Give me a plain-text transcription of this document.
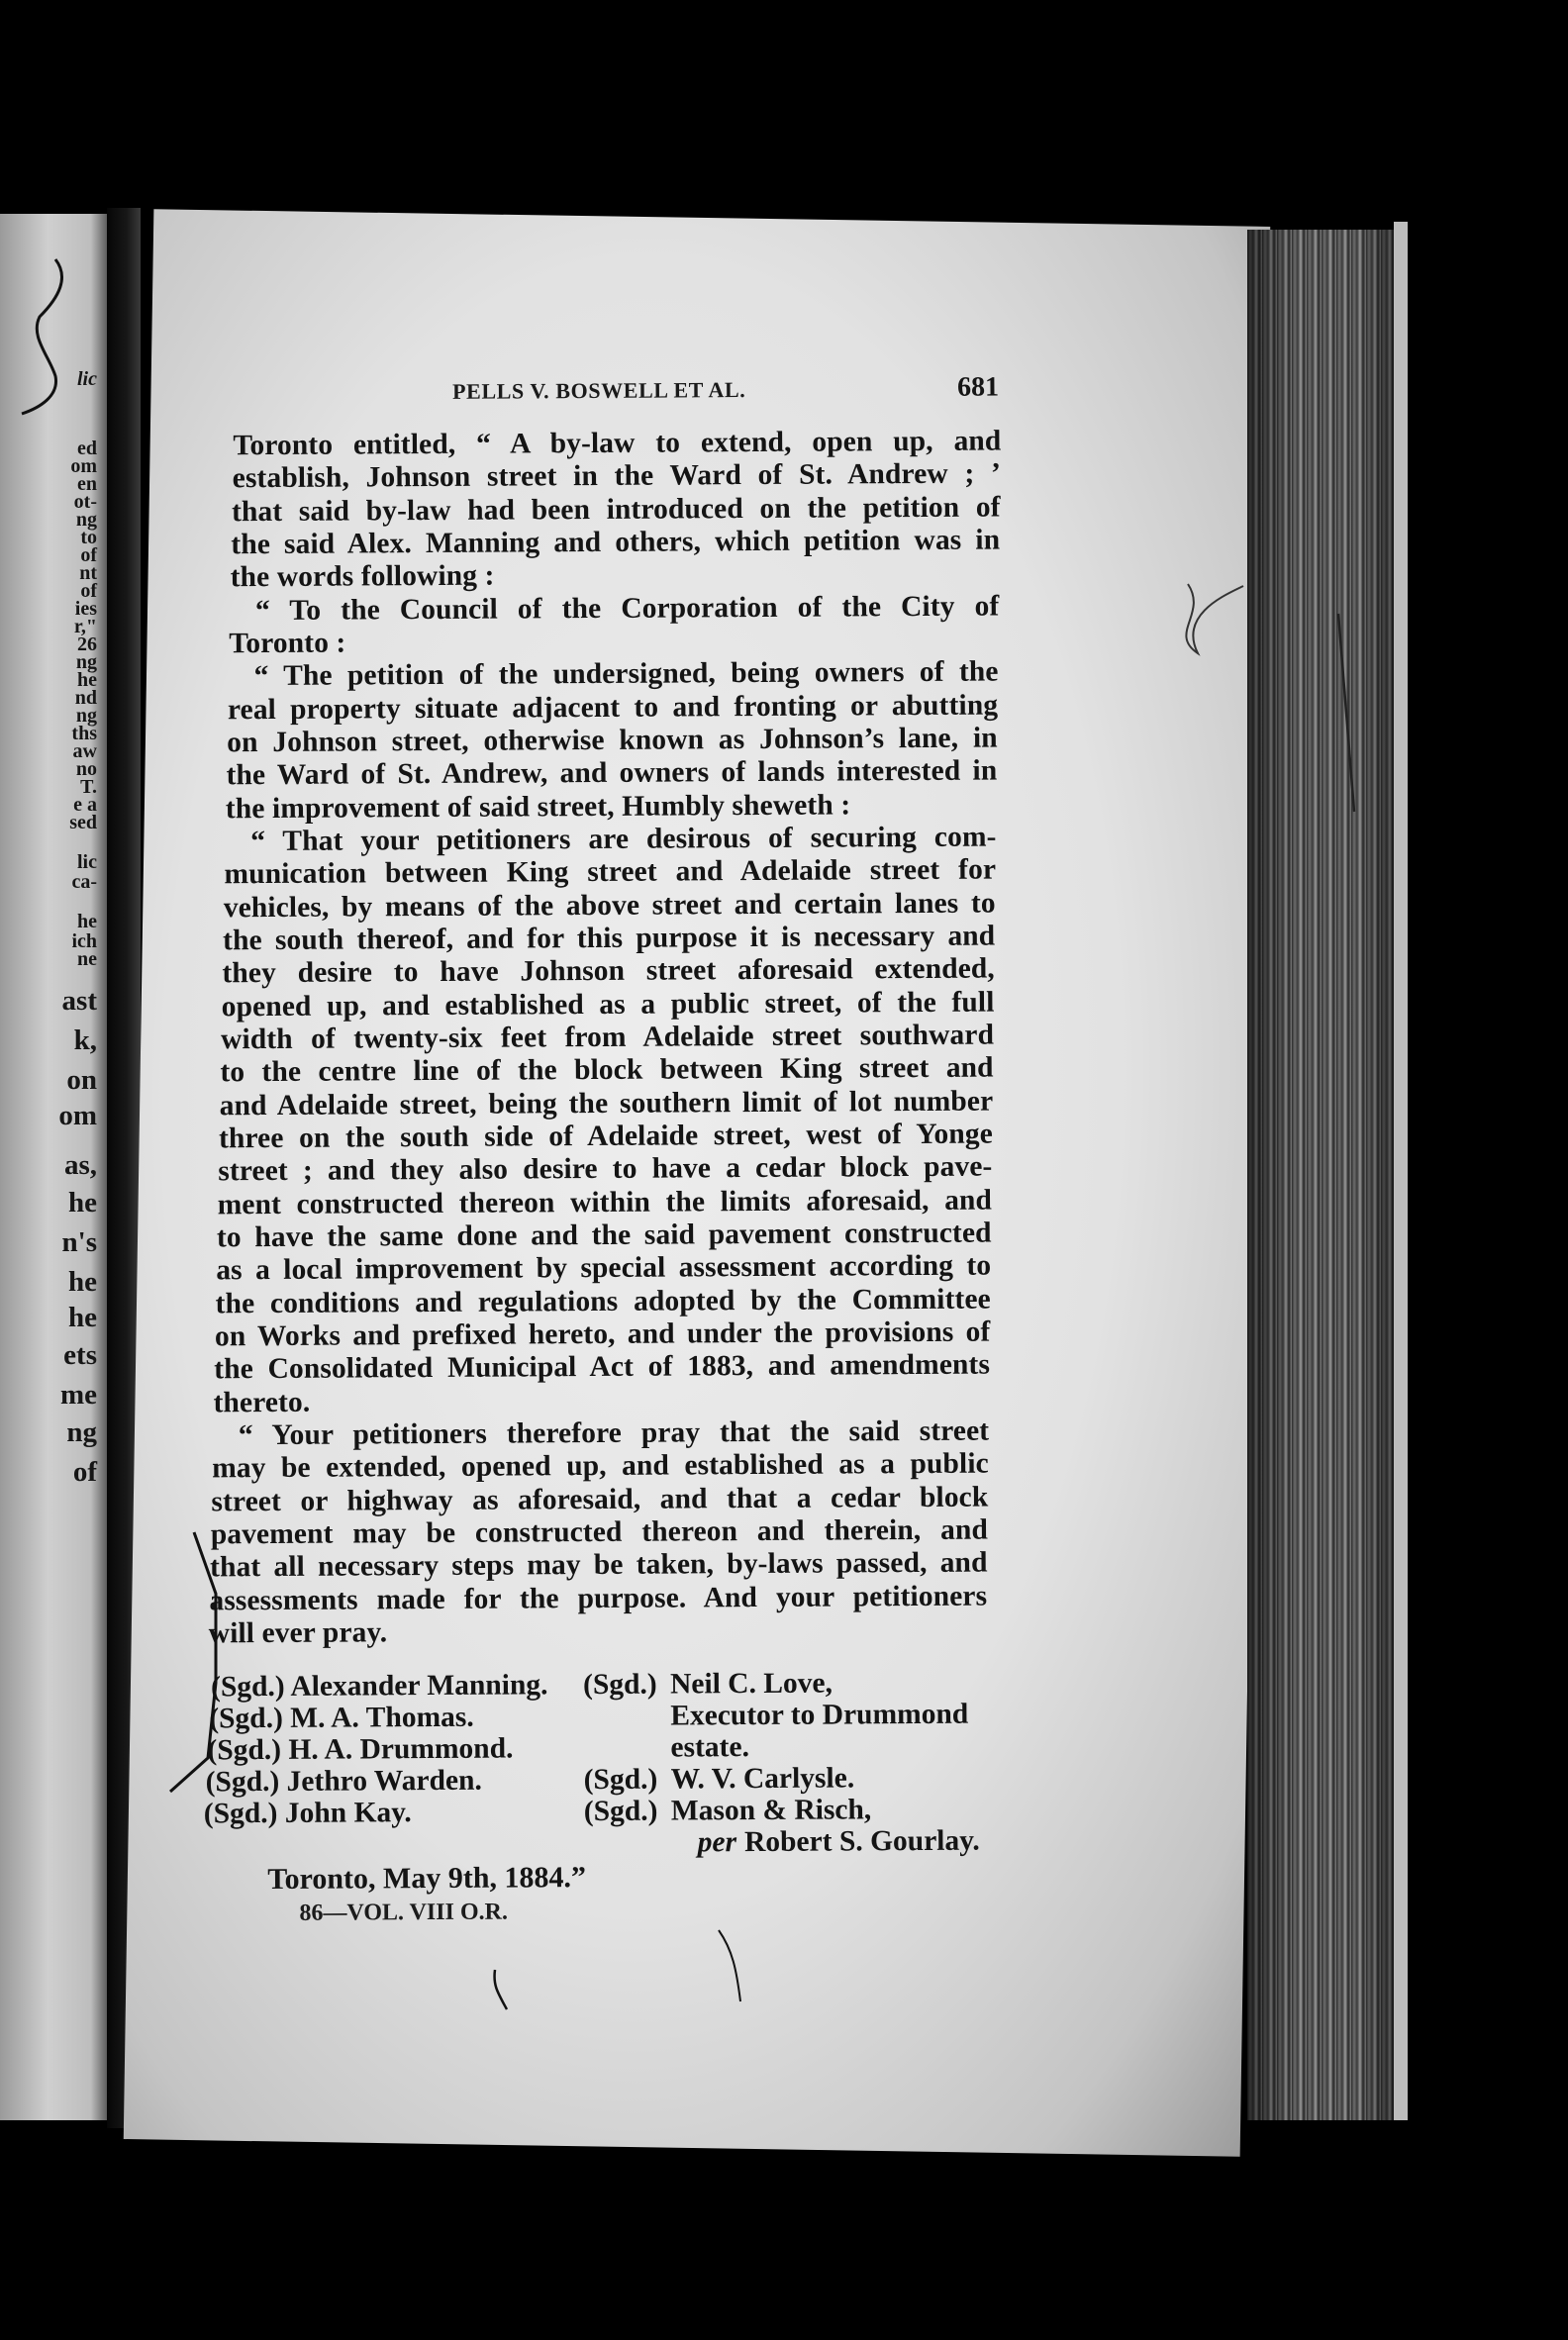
lic
ed
om
en
ot-
ng
to
of
nt
of
ies
r,"
26
ng
he
nd
ng
ths
aw
no
T.
e a
sed
lic
ca-
he
ich
ne
ast
k,
on
om
as,
he
n's
he
he
ets
me
ng
of
PELLS V. BOSWELL ET AL.	681
Toronto entitled, “ A by-law to extend, open up, and
establish, Johnson street in the Ward of St. Andrew ; ’
that said by-law had been introduced on the petition of
the said Alex. Manning and others, which petition was in
the words following :
“ To the Council of the Corporation of the City of
Toronto :
“ The petition of the undersigned, being owners of the
real property situate adjacent to and fronting or abutting
on Johnson street, otherwise known as Johnson’s lane, in
the Ward of St. Andrew, and owners of lands interested in
the improvement of said street, Humbly sheweth :
“ That your petitioners are desirous of securing com-
munication between King street and Adelaide street for
vehicles, by means of the above street and certain lanes to
the south thereof, and for this purpose it is necessary and
they desire to have Johnson street aforesaid extended,
opened up, and established as a public street, of the full
width of twenty-six feet from Adelaide street southward
to the centre line of the block between King street and
and Adelaide street, being the southern limit of lot number
three on the south side of Adelaide street, west of Yonge
street ; and they also desire to have a cedar block pave-
ment constructed thereon within the limits aforesaid, and
to have the same done and the said pavement constructed
as a local improvement by special assessment according to
the conditions and regulations adopted by the Committee
on Works and prefixed hereto, and under the provisions of
the Consolidated Municipal Act of 1883, and amendments
thereto.
“ Your petitioners therefore pray that the said street
may be extended, opened up, and established as a public
street or highway as aforesaid, and that a cedar block
pavement may be constructed thereon and therein, and
that all necessary steps may be taken, by-laws passed, and
assessments made for the purpose. And your petitioners
will ever pray.
(Sgd.) Alexander Manning.
(Sgd.) M. A. Thomas.
(Sgd.) H. A. Drummond.
(Sgd.) Jethro Warden.
(Sgd.) John Kay.
(Sgd.) Neil C. Love,
Executor to Drummond
estate.
(Sgd.) W. V. Carlysle.
(Sgd.) Mason & Risch,
per Robert S. Gourlay.
Toronto, May 9th, 1884.”
86—VOL. VIII O.R.
